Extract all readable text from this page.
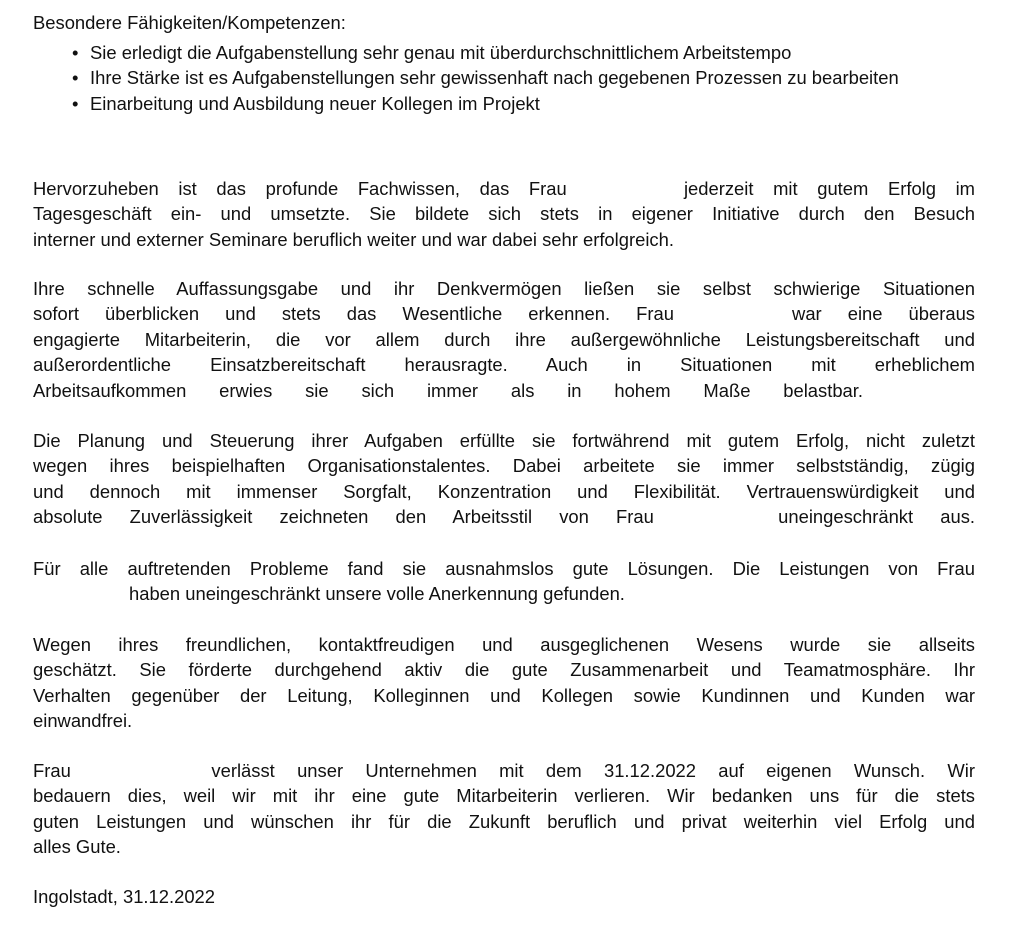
Besondere Fähigkeiten/Kompetenzen:
• Sie erledigt die Aufgabenstellung sehr genau mit überdurchschnittlichem Arbeitstempo
• Ihre Stärke ist es Aufgabenstellungen sehr gewissenhaft nach gegebenen Prozessen zu bearbeiten
• Einarbeitung und Ausbildung neuer Kollegen im Projekt
Hervorzuheben ist das profunde Fachwissen, das Frau	jederzeit mit gutem Erfolg im
Tagesgeschäft ein- und umsetzte. Sie bildete sich stets in eigener Initiative durch den Besuch
interner und externer Seminare beruflich weiter und war dabei sehr erfolgreich.
Ihre schnelle Auffassungsgabe und ihr Denkvermögen ließen sie selbst schwierige Situationen
sofort überblicken und stets das Wesentliche erkennen. Frau	war eine überaus
engagierte Mitarbeiterin, die vor allem durch ihre außergewöhnliche Leistungsbereitschaft und
außerordentliche Einsatzbereitschaft herausragte. Auch in Situationen mit erheblichem
Arbeitsaufkommen erwies sie sich immer als in hohem Maße belastbar.
Die Planung und Steuerung ihrer Aufgaben erfüllte sie fortwährend mit gutem Erfolg, nicht zuletzt
wegen ihres beispielhaften Organisationstalentes. Dabei arbeitete sie immer selbstständig, zügig
und dennoch mit immenser Sorgfalt, Konzentration und Flexibilität. Vertrauenswürdigkeit und
absolute Zuverlässigkeit zeichneten den Arbeitsstil von Frau	uneingeschränkt aus.
Für alle auftretenden Probleme fand sie ausnahmslos gute Lösungen. Die Leistungen von Frau
haben uneingeschränkt unsere volle Anerkennung gefunden.
Wegen ihres freundlichen, kontaktfreudigen und ausgeglichenen Wesens wurde sie allseits
geschätzt. Sie förderte durchgehend aktiv die gute Zusammenarbeit und Teamatmosphäre. Ihr
Verhalten gegenüber der Leitung, Kolleginnen und Kollegen sowie Kundinnen und Kunden war
einwandfrei.
Frau	verlässt unser Unternehmen mit dem 31.12.2022 auf eigenen Wunsch. Wir
bedauern dies, weil wir mit ihr eine gute Mitarbeiterin verlieren. Wir bedanken uns für die stets
guten Leistungen und wünschen ihr für die Zukunft beruflich und privat weiterhin viel Erfolg und
alles Gute.
Ingolstadt, 31.12.2022
